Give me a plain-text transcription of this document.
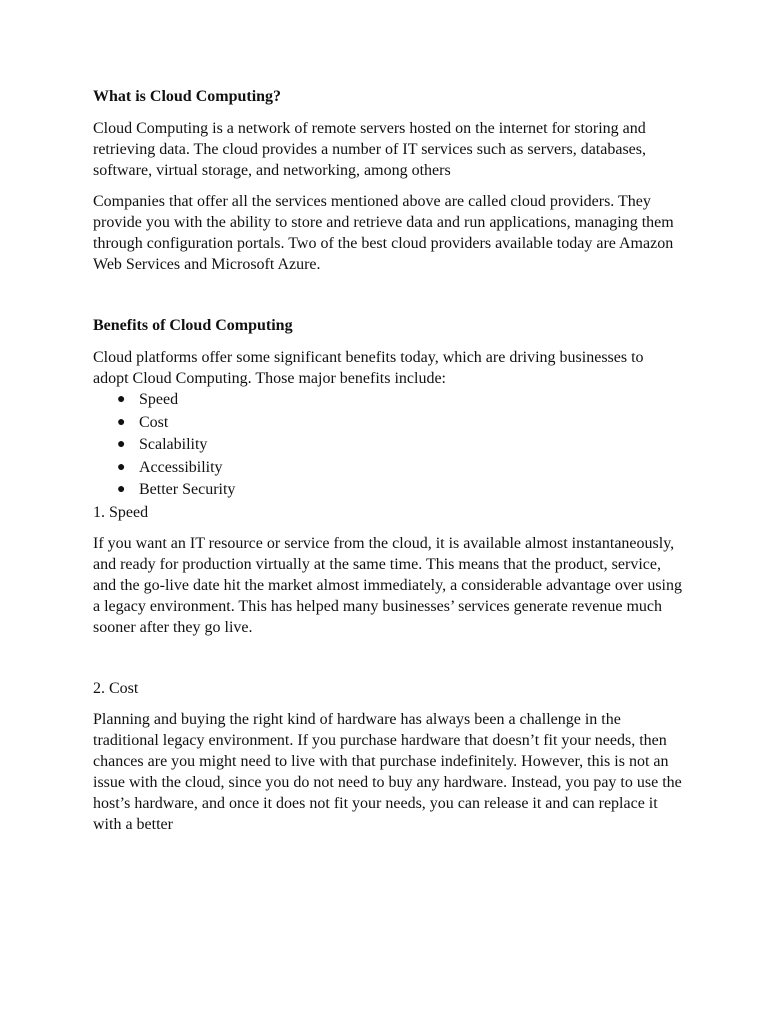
What is Cloud Computing?

Cloud Computing is a network of remote servers hosted on the internet for storing and retrieving data. The cloud provides a number of IT services such as servers, databases, software, virtual storage, and networking, among others

Companies that offer all the services mentioned above are called cloud providers. They provide you with the ability to store and retrieve data and run applications, managing them through configuration portals. Two of the best cloud providers available today are Amazon Web Services and Microsoft Azure.

Benefits of Cloud Computing

Cloud platforms offer some significant benefits today, which are driving businesses to adopt Cloud Computing. Those major benefits include:

● Speed
● Cost
● Scalability
● Accessibility
● Better Security

1. Speed

If you want an IT resource or service from the cloud, it is available almost instantaneously, and ready for production virtually at the same time. This means that the product, service, and the go-live date hit the market almost immediately, a considerable advantage over using a legacy environment. This has helped many businesses’ services generate revenue much sooner after they go live.

2. Cost

Planning and buying the right kind of hardware has always been a challenge in the traditional legacy environment. If you purchase hardware that doesn’t fit your needs, then chances are you might need to live with that purchase indefinitely. However, this is not an issue with the cloud, since you do not need to buy any hardware. Instead, you pay to use the host’s hardware, and once it does not fit your needs, you can release it and can replace it with a better
